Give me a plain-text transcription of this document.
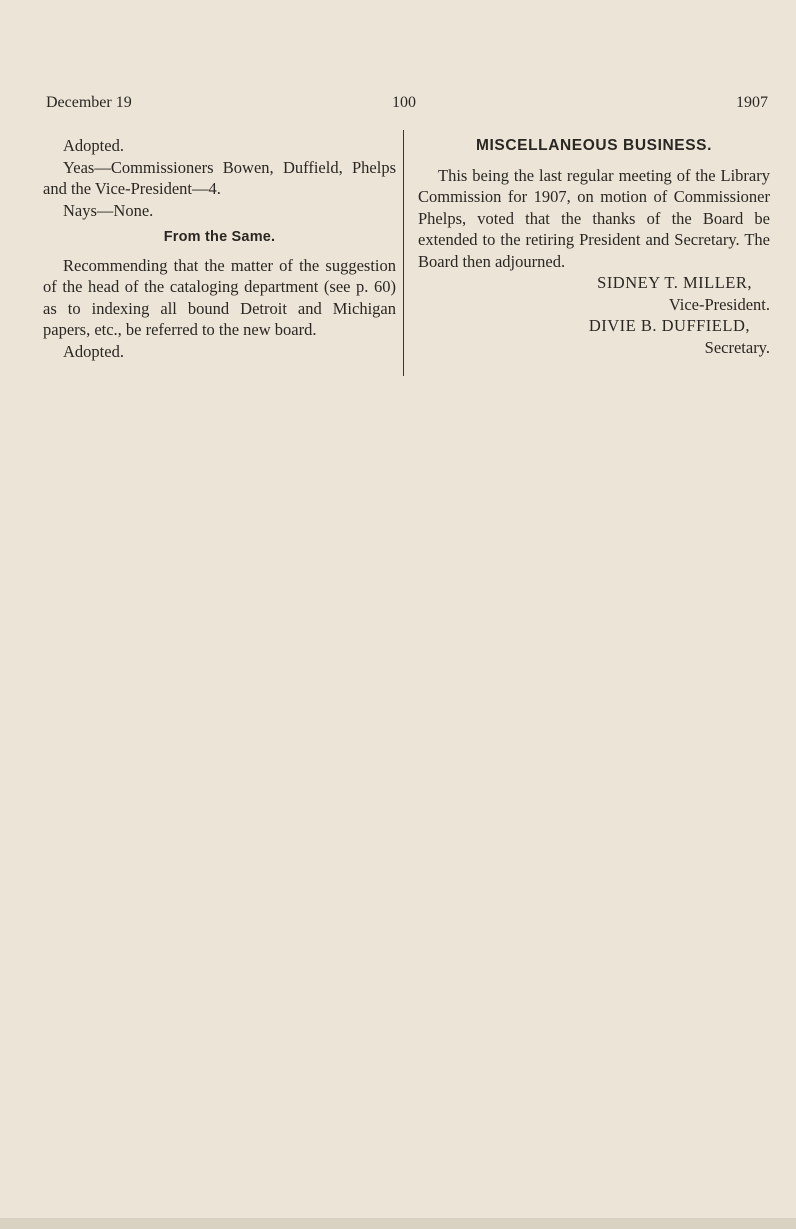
December 19	100	1907

Adopted.

Yeas—Commissioners Bowen, Duffield, Phelps and the Vice-President—4.

Nays—None.

From the Same.

Recommending that the matter of the suggestion of the head of the cataloging department (see p. 60) as to indexing all bound Detroit and Michigan papers, etc., be referred to the new board.

Adopted.

MISCELLANEOUS BUSINESS.

This being the last regular meeting of the Library Commission for 1907, on motion of Commissioner Phelps, voted that the thanks of the Board be extended to the retiring President and Secretary. The Board then adjourned.

SIDNEY T. MILLER,

Vice-President.

DIVIE B. DUFFIELD,

Secretary.
